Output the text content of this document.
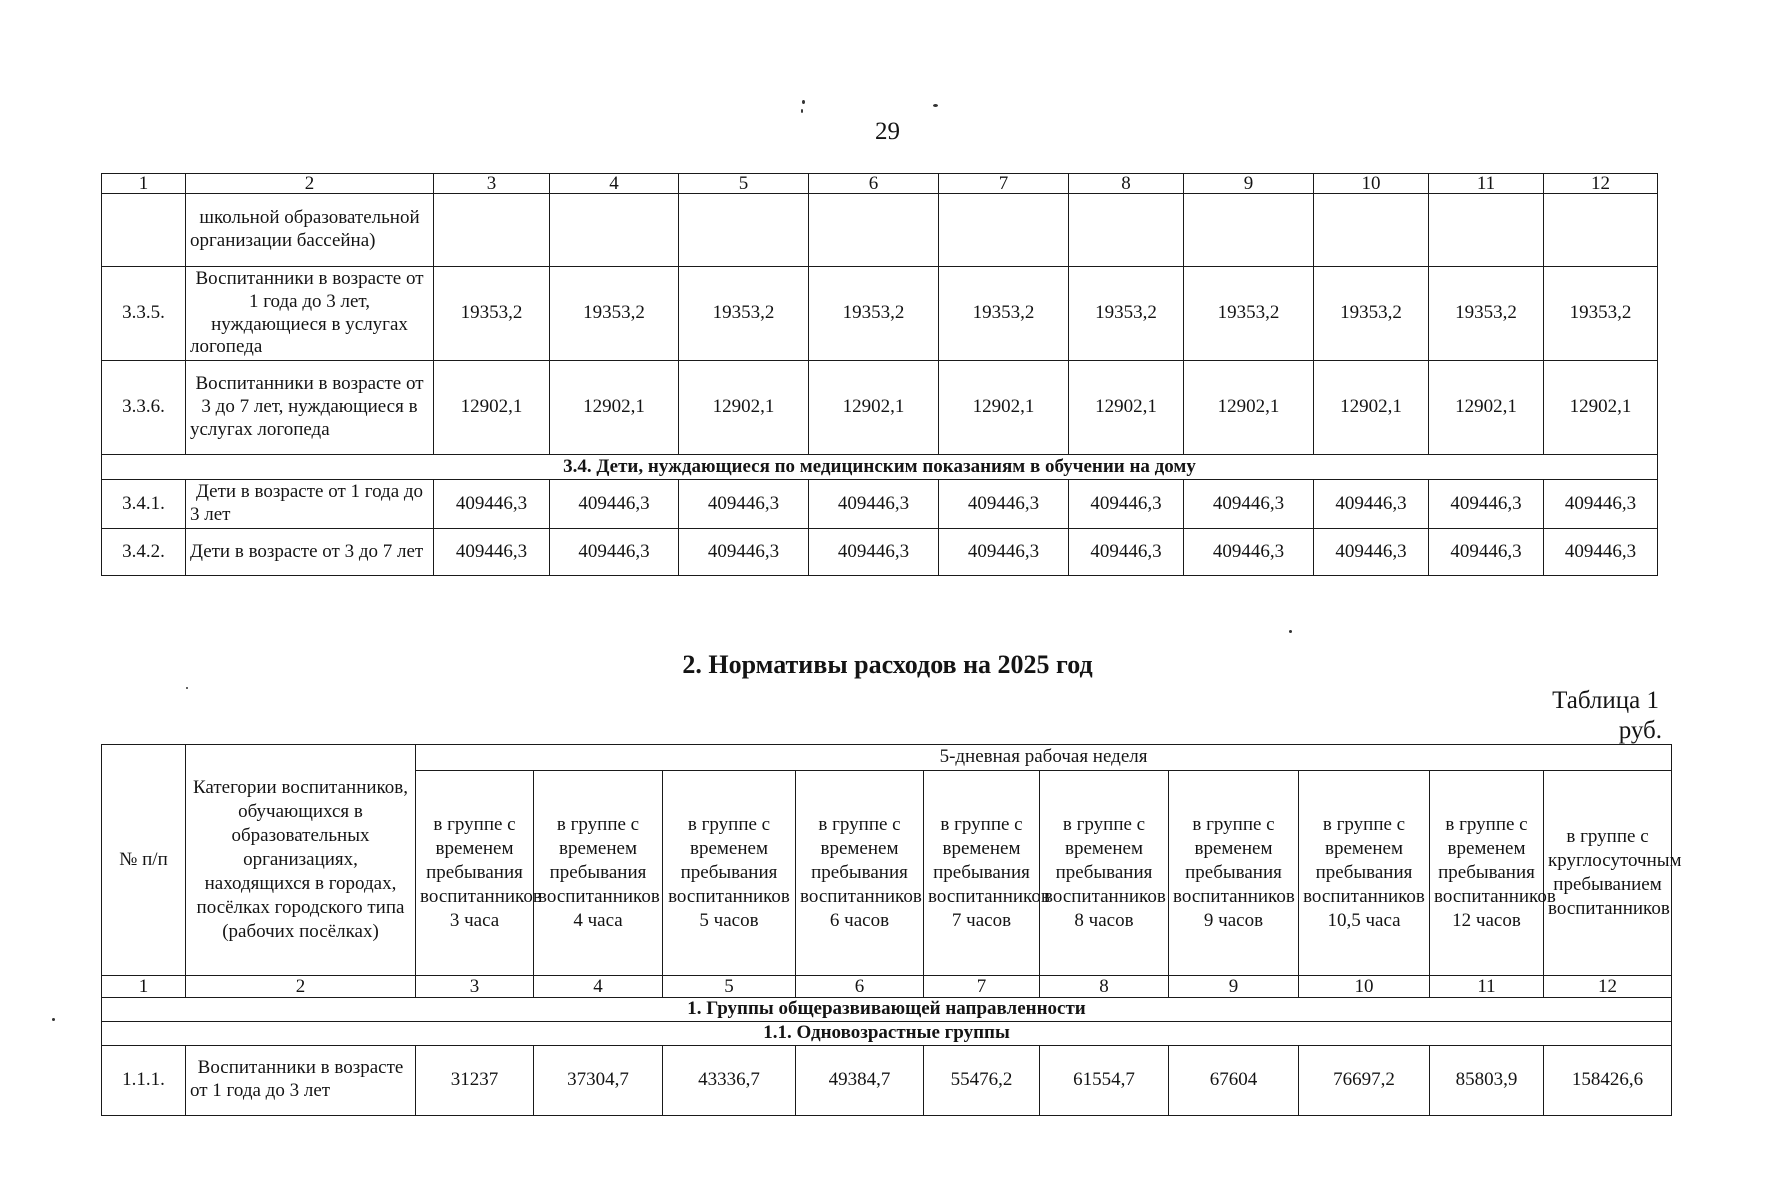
29
1	2	3	4	5	6	7	8	9	10	11	12
	школьной образовательной организации бассейна)										
3.3.5.	Воспитанники в возрасте от 1 года до 3 лет, нуждающиеся в услугах логопеда	19353,2	19353,2	19353,2	19353,2	19353,2	19353,2	19353,2	19353,2	19353,2	19353,2
3.3.6.	Воспитанники в возрасте от 3 до 7 лет, нуждающиеся в услугах логопеда	12902,1	12902,1	12902,1	12902,1	12902,1	12902,1	12902,1	12902,1	12902,1	12902,1
3.4. Дети, нуждающиеся по медицинским показаниям в обучении на дому											
3.4.1.	Дети в возрасте от 1 года до 3 лет	409446,3	409446,3	409446,3	409446,3	409446,3	409446,3	409446,3	409446,3	409446,3	409446,3
3.4.2.	Дети в возрасте от 3 до 7 лет	409446,3	409446,3	409446,3	409446,3	409446,3	409446,3	409446,3	409446,3	409446,3	409446,3
2. Нормативы расходов на 2025 год
Таблица 1
руб.
№ п/п	Категории воспитанников, обучающихся в образовательных организациях, находящихся в городах, посёлках городского типа (рабочих посёлках)	5-дневная рабочая неделя									
		в группе с временем пребывания воспитанников 3 часа	в группе с временем пребывания воспитанников 4 часа	в группе с временем пребывания воспитанников 5 часов	в группе с временем пребывания воспитанников 6 часов	в группе с временем пребывания воспитанников 7 часов	в группе с временем пребывания воспитанников 8 часов	в группе с временем пребывания воспитанников 9 часов	в группе с временем пребывания воспитанников 10,5 часа	в группе с временем пребывания воспитанников 12 часов	в группе с круглосуточным пребыванием воспитанников
1	2	3	4	5	6	7	8	9	10	11	12
1. Группы общеразвивающей направленности											
1.1. Одновозрастные группы											
1.1.1.	Воспитанники в возрасте от 1 года до 3 лет	31237	37304,7	43336,7	49384,7	55476,2	61554,7	67604	76697,2	85803,9	158426,6
